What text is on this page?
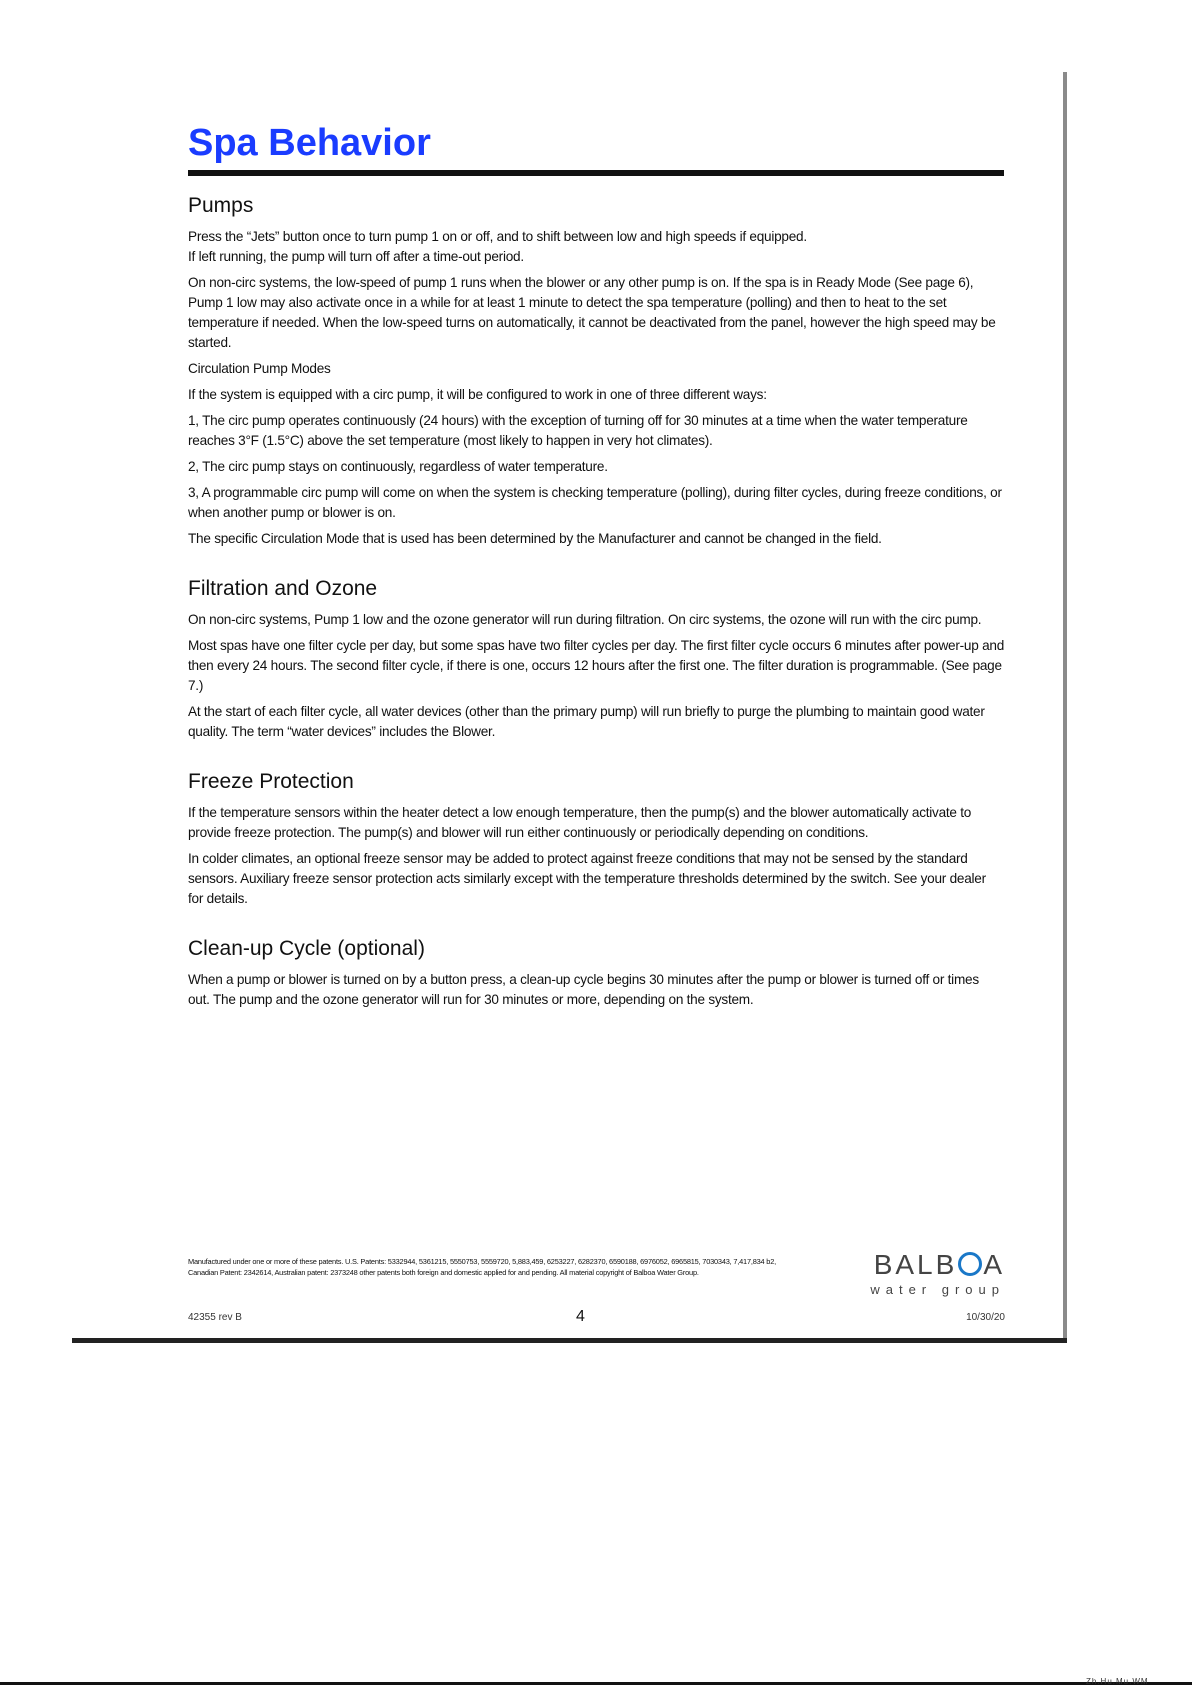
Spa Behavior
Pumps

Press the “Jets” button once to turn pump 1 on or off, and to shift between low and high speeds if equipped.

If left running, the pump will turn off after a time-out period.

On non-circ systems, the low-speed of pump 1 runs when the blower or any other pump is on. If the spa is in Ready Mode (See page 6), Pump 1 low may also activate once in a while for at least 1 minute to detect the spa temperature (polling) and then to heat to the set temperature if needed. When the low-speed turns on automatically, it cannot be deactivated from the panel, however the high speed may be started.

Circulation Pump Modes

If the system is equipped with a circ pump, it will be configured to work in one of three different ways:

1, The circ pump operates continuously (24 hours) with the exception of turning off for 30 minutes at a time when the water temperature reaches 3°F (1.5°C) above the set temperature (most likely to happen in very hot climates).

2, The circ pump stays on continuously, regardless of water temperature.

3, A programmable circ pump will come on when the system is checking temperature (polling), during filter cycles, during freeze conditions, or when another pump or blower is on.

The specific Circulation Mode that is used has been determined by the Manufacturer and cannot be changed in the field.

Filtration and Ozone

On non-circ systems, Pump 1 low and the ozone generator will run during filtration. On circ systems, the ozone will run with the circ pump.

Most spas have one filter cycle per day, but some spas have two filter cycles per day. The first filter cycle occurs 6 minutes after power-up and then every 24 hours. The second filter cycle, if there is one, occurs 12 hours after the first one. The filter duration is programmable. (See page 7.)

At the start of each filter cycle, all water devices (other than the primary pump) will run briefly to purge the plumbing to maintain good water quality. The term “water devices” includes the Blower.

Freeze Protection

If the temperature sensors within the heater detect a low enough temperature, then the pump(s) and the blower automatically activate to provide freeze protection. The pump(s) and blower will run either continuously or periodically depending on conditions.

In colder climates, an optional freeze sensor may be added to protect against freeze conditions that may not be sensed by the standard sensors. Auxiliary freeze sensor protection acts similarly except with the temperature thresholds determined by the switch. See your dealer for details.

Clean-up Cycle (optional)

When a pump or blower is turned on by a button press, a clean-up cycle begins 30 minutes after the pump or blower is turned off or times out. The pump and the ozone generator will run for 30 minutes or more, depending on the system.

Manufactured under one or more of these patents. U.S. Patents: 5332944, 5361215, 5550753, 5559720, 5,883,459, 6253227, 6282370, 6590188, 6976052, 6965815, 7030343, 7,417,834 b2, Canadian Patent: 2342614, Australian patent: 2373248 other patents both foreign and domestic applied for and pending. All material copyright of Balboa Water Group.	BALB A
water group
42355 rev B	4	10/30/20
Zh.Hu.Mu.WM
